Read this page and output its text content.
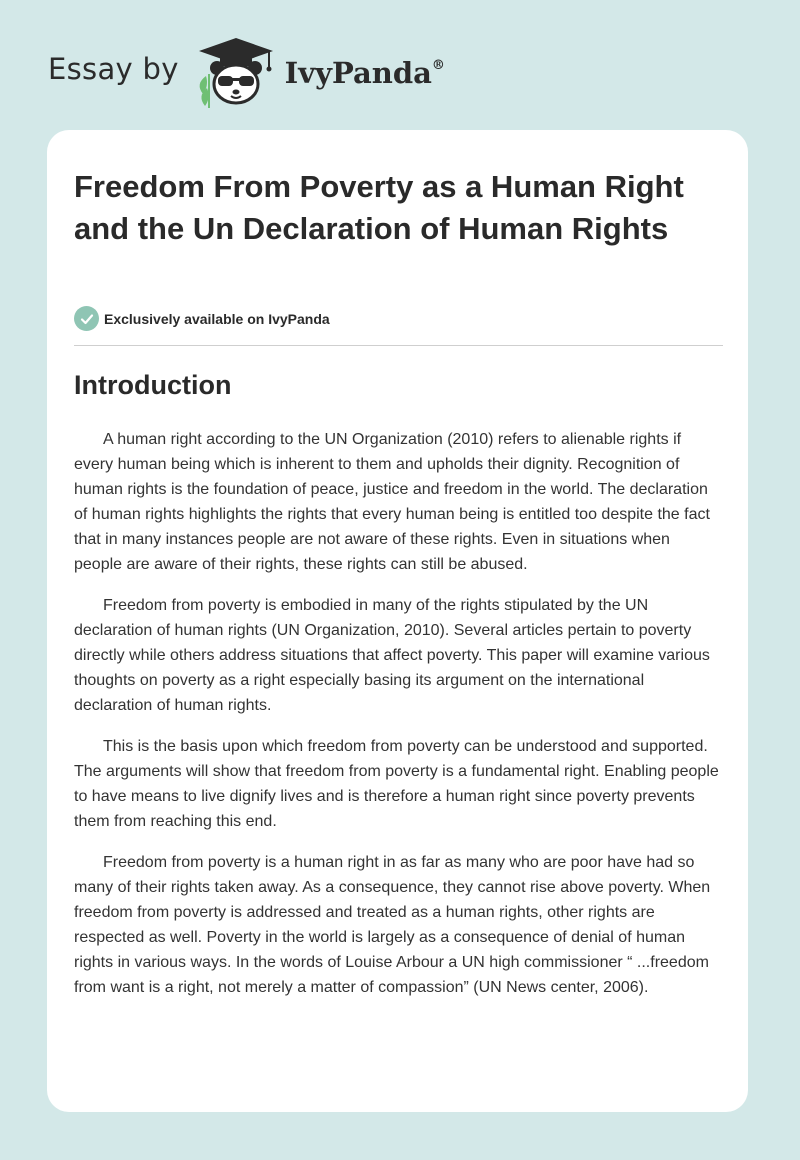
Essay by	IvyPanda®
Freedom From Poverty as a Human Right and the Un Declaration of Human Rights
Exclusively available on IvyPanda
Introduction

A human right according to the UN Organization (2010) refers to alienable rights if every human being which is inherent to them and upholds their dignity. Recognition of human rights is the foundation of peace, justice and freedom in the world. The declaration of human rights highlights the rights that every human being is entitled too despite the fact that in many instances people are not aware of these rights. Even in situations when people are aware of their rights, these rights can still be abused.

Freedom from poverty is embodied in many of the rights stipulated by the UN declaration of human rights (UN Organization, 2010). Several articles pertain to poverty directly while others address situations that affect poverty. This paper will examine various thoughts on poverty as a right especially basing its argument on the international declaration of human rights.

This is the basis upon which freedom from poverty can be understood and supported. The arguments will show that freedom from poverty is a fundamental right. Enabling people to have means to live dignify lives and is therefore a human right since poverty prevents them from reaching this end.

Freedom from poverty is a human right in as far as many who are poor have had so many of their rights taken away. As a consequence, they cannot rise above poverty. When freedom from poverty is addressed and treated as a human rights, other rights are respected as well. Poverty in the world is largely as a consequence of denial of human rights in various ways. In the words of Louise Arbour a UN high commissioner “ ...freedom from want is a right, not merely a matter of compassion” (UN News center, 2006).
